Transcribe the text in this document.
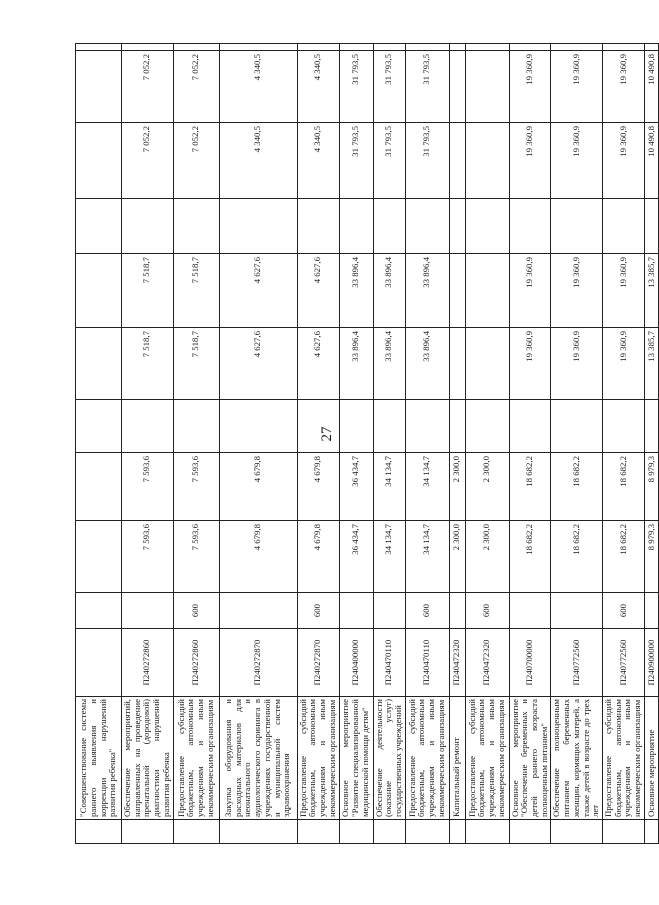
27
	"Совершенствование системы раннего выявления и коррекции нарушений развития ребенка"											
	Обеспечение мероприятий, направленных на проведение пренатальной (дородовой) диагностики нарушений развития ребенка	П240272860		7 593,6	7 593,6		7 518,7	7 518,7		7 052,2	7 052,2	
	Предоставление субсидий бюджетным, автономным учреждениям и иным некоммерческим организациям	П240272860	600	7 593,6	7 593,6		7 518,7	7 518,7		7 052,2	7 052,2	
	Закупка оборудования и расходных материалов для неонатального и аудиологического скрининга в учреждениях государственной и муниципальной систем здравоохранения	П240272870		4 679,8	4 679,8		4 627,6	4 627,6		4 340,5	4 340,5	
	Предоставление субсидий бюджетным, автономным учреждениям и иным некоммерческим организациям	П240272870	600	4 679,8	4 679,8		4 627,6	4 627,6		4 340,5	4 340,5	
	Основное мероприятие "Развитие специализированной медицинской помощи детям"	П240400000		36 434,7	36 434,7		33 896,4	33 896,4		31 793,5	31 793,5	
	Обеспечение деятельности (оказание услуг) государственных учреждений	П240470110		34 134,7	34 134,7		33 896,4	33 896,4		31 793,5	31 793,5	
	Предоставление субсидий бюджетным, автономным учреждениям и иным некоммерческим организациям	П240470110	600	34 134,7	34 134,7		33 896,4	33 896,4		31 793,5	31 793,5	
	Капитальный ремонт	П240472320		2 300,0	2 300,0							
	Предоставление субсидий бюджетным, автономным учреждениям и иным некоммерческим организациям	П240472320	600	2 300,0	2 300,0							
	Основное мероприятие "Обеспечение беременных и детей раннего возраста полноценным питанием"	П240700000		18 682,2	18 682,2		19 360,9	19 360,9		19 360,9	19 360,9	
	Обеспечение полноценным питанием беременных женщин, кормящих матерей, а также детей в возрасте до трех лет	П240772560		18 682,2	18 682,2		19 360,9	19 360,9		19 360,9	19 360,9	
	Предоставление субсидий бюджетным, автономным учреждениям и иным некоммерческим организациям	П240772560	600	18 682,2	18 682,2		19 360,9	19 360,9		19 360,9	19 360,9	
	Основное мероприятие	П240900000		8 979,3	8 979,3		13 385,7	13 385,7		10 490,8	10 490,8	
